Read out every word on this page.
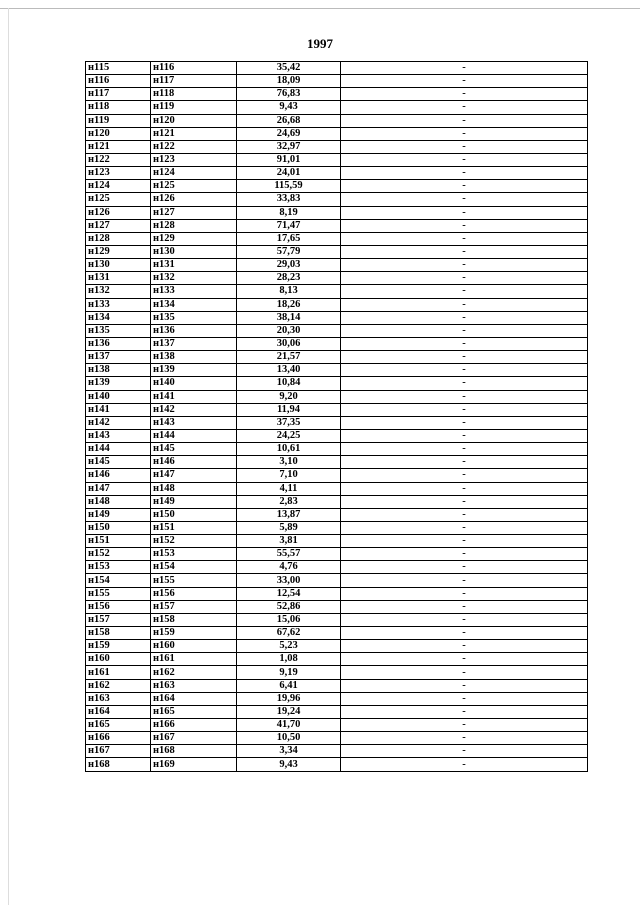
1997
н115	н116	35,42	-
н116	н117	18,09	-
н117	н118	76,83	-
н118	н119	9,43	-
н119	н120	26,68	-
н120	н121	24,69	-
н121	н122	32,97	-
н122	н123	91,01	-
н123	н124	24,01	-
н124	н125	115,59	-
н125	н126	33,83	-
н126	н127	8,19	-
н127	н128	71,47	-
н128	н129	17,65	-
н129	н130	57,79	-
н130	н131	29,03	-
н131	н132	28,23	-
н132	н133	8,13	-
н133	н134	18,26	-
н134	н135	38,14	-
н135	н136	20,30	-
н136	н137	30,06	-
н137	н138	21,57	-
н138	н139	13,40	-
н139	н140	10,84	-
н140	н141	9,20	-
н141	н142	11,94	-
н142	н143	37,35	-
н143	н144	24,25	-
н144	н145	10,61	-
н145	н146	3,10	-
н146	н147	7,10	-
н147	н148	4,11	-
н148	н149	2,83	-
н149	н150	13,87	-
н150	н151	5,89	-
н151	н152	3,81	-
н152	н153	55,57	-
н153	н154	4,76	-
н154	н155	33,00	-
н155	н156	12,54	-
н156	н157	52,86	-
н157	н158	15,06	-
н158	н159	67,62	-
н159	н160	5,23	-
н160	н161	1,08	-
н161	н162	9,19	-
н162	н163	6,41	-
н163	н164	19,96	-
н164	н165	19,24	-
н165	н166	41,70	-
н166	н167	10,50	-
н167	н168	3,34	-
н168	н169	9,43	-
